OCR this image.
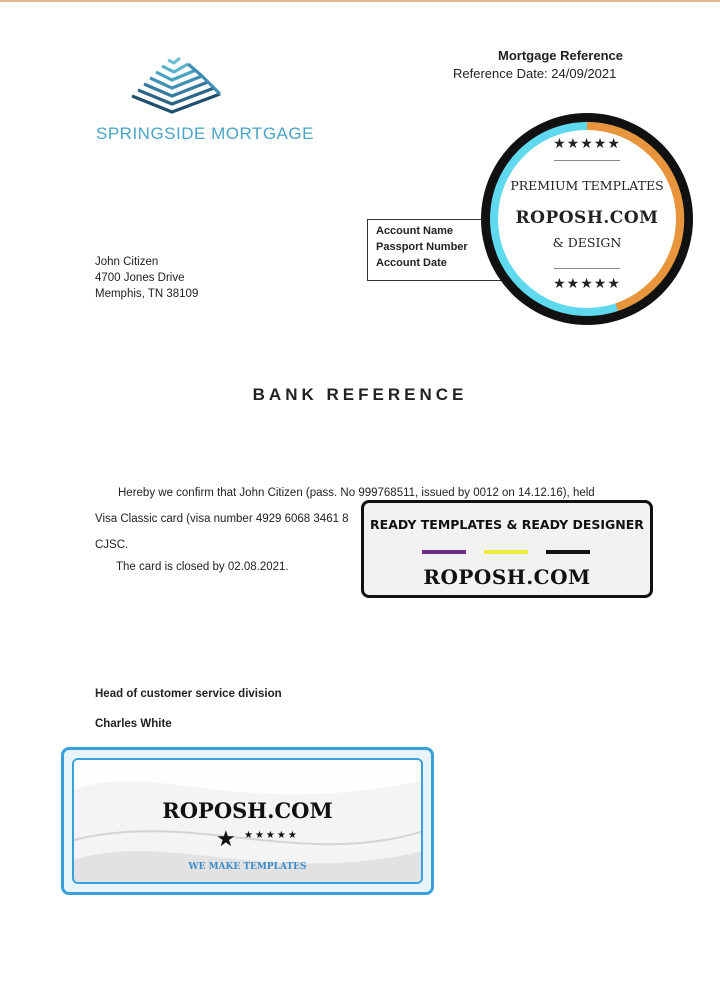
SPRINGSIDE MORTGAGE
Mortgage Reference
Reference Date: 24/09/2021
Account Name
Passport Number
Account Date
John Citizen
4700 Jones Drive
Memphis, TN 38109
BANK REFERENCE
Hereby we confirm that John Citizen (pass. No 999768511, issued by 0012 on 14.12.16), held
Visa Classic card (visa number 4929 6068 3461 8
CJSC.
The card is closed by 02.08.2021.
Head of customer service division
Charles White
★★★★★
PREMIUM TEMPLATES
ROPOSH.COM
& DESIGN
★★★★★
READY TEMPLATES & READY DESIGNER
ROPOSH.COM
ROPOSH.COM
★ ★★★★★
WE MAKE TEMPLATES
